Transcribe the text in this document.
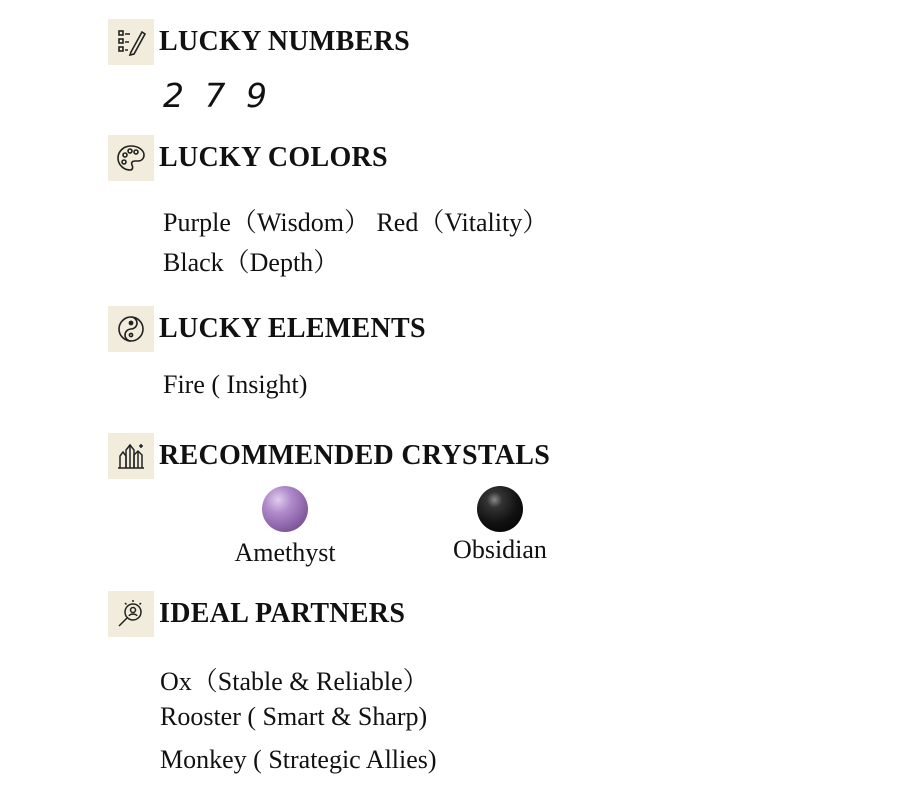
LUCKY NUMBERS
2 7 9
LUCKY COLORS
Purple（Wisdom） Red（Vitality）
Black（Depth）
LUCKY ELEMENTS
Fire ( Insight)
RECOMMENDED CRYSTALS
Amethyst	Obsidian
IDEAL PARTNERS
Ox（Stable & Reliable）
Rooster ( Smart & Sharp)
Monkey ( Strategic Allies)
